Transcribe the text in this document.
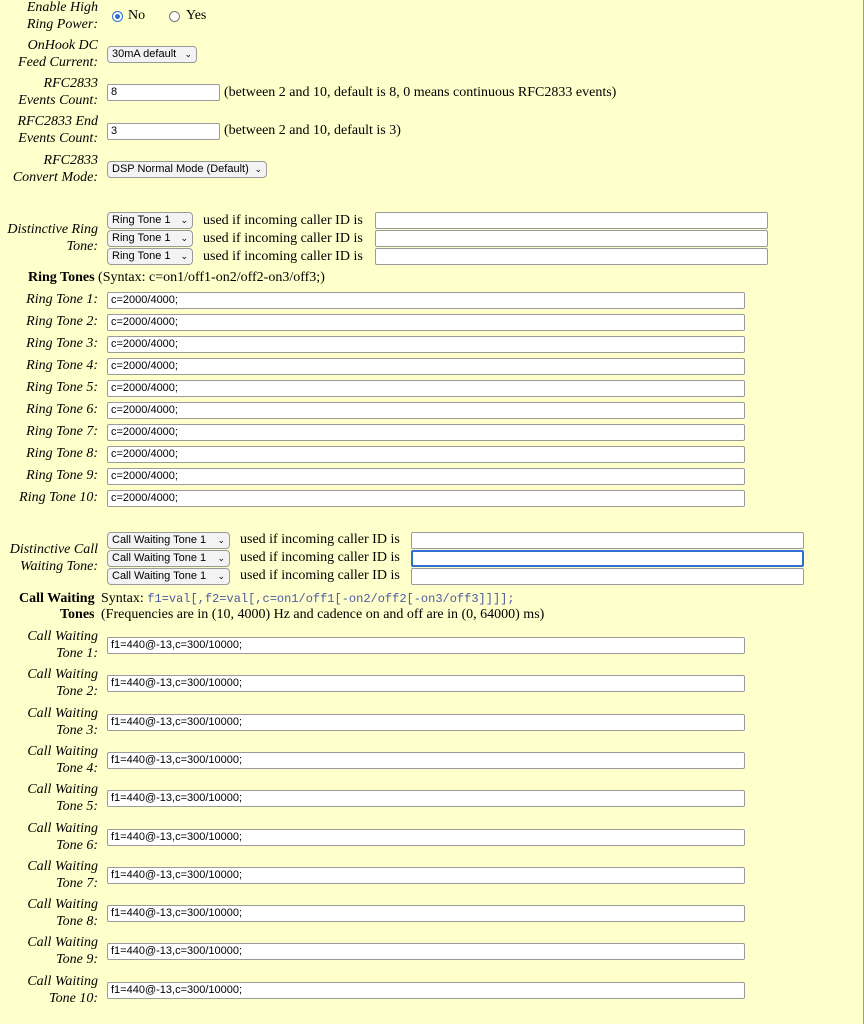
Enable High
Ring Power:
No	Yes
OnHook DC
Feed Current:
30mA default ⌄
RFC2833
Events Count:
8	(between 2 and 10, default is 8, 0 means continuous RFC2833 events)
RFC2833 End
Events Count:	3	(between 2 and 10, default is 3)
RFC2833
Convert Mode:
DSP Normal Mode (Default) ⌄
Distinctive Ring
Tone:
Ring Tone 1 ⌄ used if incoming caller ID is
Ring Tone 1 ⌄ used if incoming caller ID is
Ring Tone 1 ⌄ used if incoming caller ID is
Ring Tones (Syntax: c=on1/off1-on2/off2-on3/off3;)
Ring Tone 1:	c=2000/4000;
Ring Tone 2:	c=2000/4000;
Ring Tone 3:	c=2000/4000;
Ring Tone 4:	c=2000/4000;
Ring Tone 5:	c=2000/4000;
Ring Tone 6:	c=2000/4000;
Ring Tone 7:	c=2000/4000;
Ring Tone 8:	c=2000/4000;
Ring Tone 9:	c=2000/4000;
Ring Tone 10:	c=2000/4000;
Distinctive Call
Waiting Tone:
Call Waiting Tone 1 ⌄ used if incoming caller ID is
Call Waiting Tone 1 ⌄ used if incoming caller ID is
Call Waiting Tone 1 ⌄ used if incoming caller ID is
Call Waiting Syntax: f1=val[,f2=val[,c=on1/off1[-on2/off2[-on3/off3]]]];
Tones (Frequencies are in (10, 4000) Hz and cadence on and off are in (0, 64000) ms)
Call Waiting
Tone 1:
f1=440@-13,c=300/10000;
Call Waiting
Tone 2:
f1=440@-13,c=300/10000;
Call Waiting
Tone 3:
f1=440@-13,c=300/10000;
Call Waiting
Tone 4:
f1=440@-13,c=300/10000;
Call Waiting
Tone 5:
f1=440@-13,c=300/10000;
Call Waiting
Tone 6:
f1=440@-13,c=300/10000;
Call Waiting
Tone 7:
f1=440@-13,c=300/10000;
Call Waiting
Tone 8:
f1=440@-13,c=300/10000;
Call Waiting
Tone 9:
f1=440@-13,c=300/10000;
Call Waiting
Tone 10:
f1=440@-13,c=300/10000;
